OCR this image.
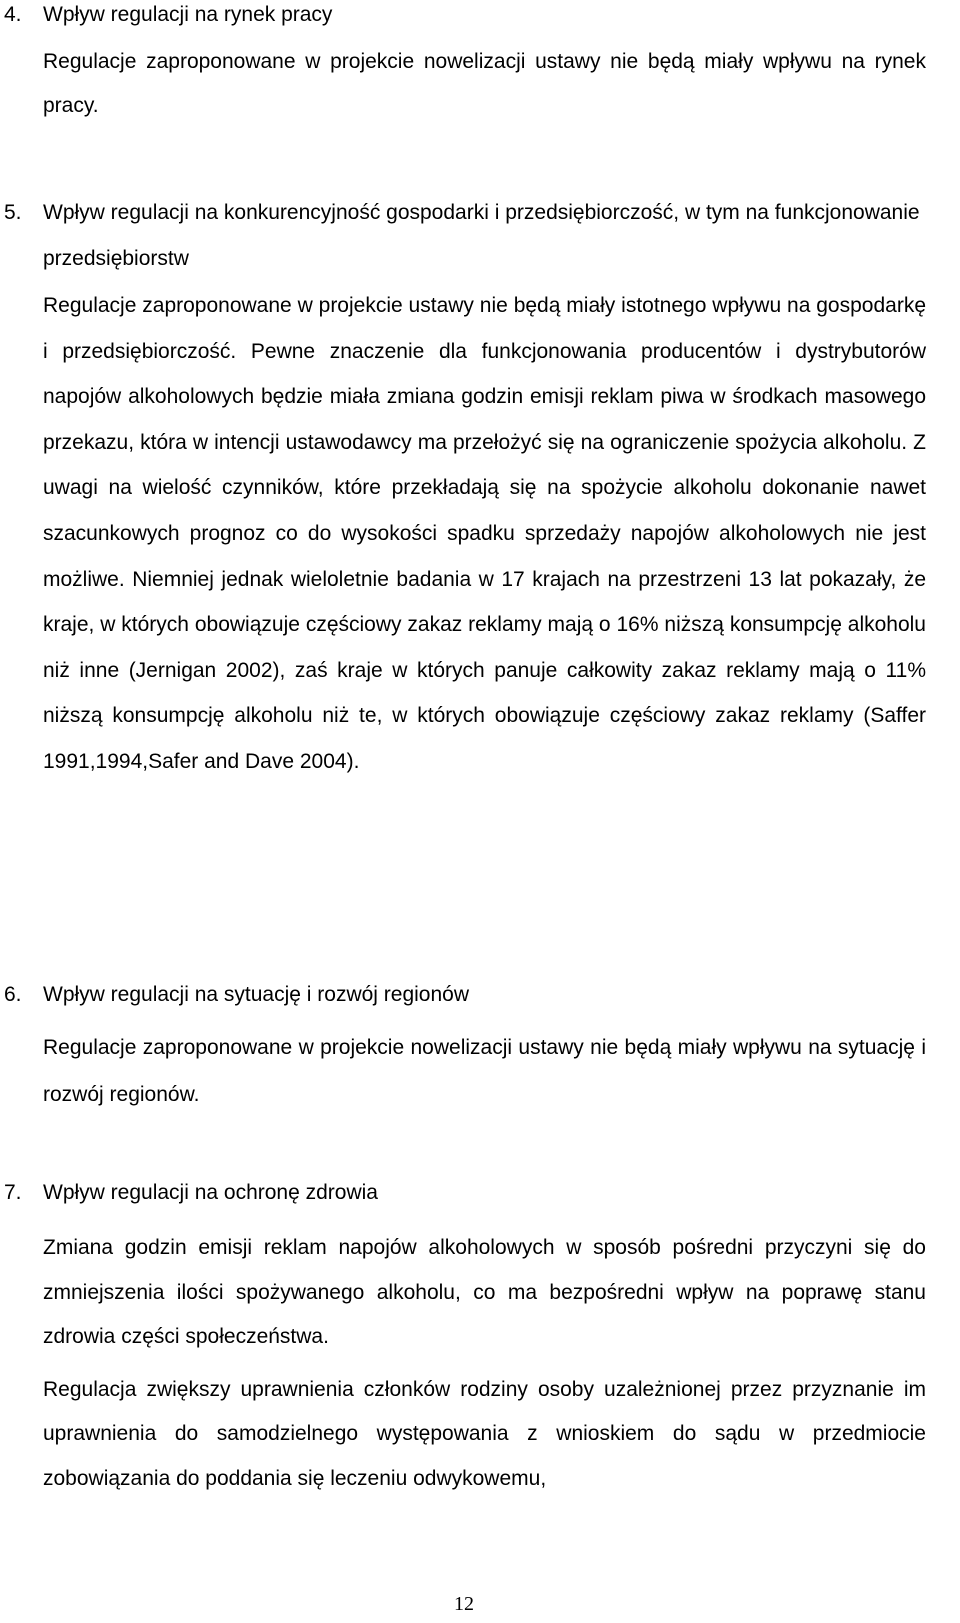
4. Wpływ regulacji na rynek pracy

Regulacje zaproponowane w projekcie nowelizacji ustawy nie będą miały wpływu na rynek pracy.

5. Wpływ regulacji na konkurencyjność gospodarki i przedsiębiorczość, w tym na funkcjonowanie przedsiębiorstw

Regulacje zaproponowane w projekcie ustawy nie będą miały istotnego wpływu na gospodarkę i przedsiębiorczość. Pewne znaczenie dla funkcjonowania producentów i dystrybutorów napojów alkoholowych będzie miała zmiana godzin emisji reklam piwa w środkach masowego przekazu, która w intencji ustawodawcy ma przełożyć się na ograniczenie spożycia alkoholu. Z uwagi na wielość czynników, które przekładają się na spożycie alkoholu dokonanie nawet szacunkowych prognoz co do wysokości spadku sprzedaży napojów alkoholowych nie jest możliwe. Niemniej jednak wieloletnie badania w 17 krajach na przestrzeni 13 lat pokazały, że kraje, w których obowiązuje częściowy zakaz reklamy mają o 16% niższą konsumpcję alkoholu niż inne (Jernigan 2002), zaś kraje w których panuje całkowity zakaz reklamy mają o 11% niższą konsumpcję alkoholu niż te, w których obowiązuje częściowy zakaz reklamy (Saffer 1991,1994,Safer and Dave 2004).

6. Wpływ regulacji na sytuację i rozwój regionów

Regulacje zaproponowane w projekcie nowelizacji ustawy nie będą miały wpływu na sytuację i rozwój regionów.

7. Wpływ regulacji na ochronę zdrowia

Zmiana godzin emisji reklam napojów alkoholowych w sposób pośredni przyczyni się do zmniejszenia ilości spożywanego alkoholu, co ma bezpośredni wpływ na poprawę stanu zdrowia części społeczeństwa.

Regulacja zwiększy uprawnienia członków rodziny osoby uzależnionej przez przyznanie im uprawnienia do samodzielnego występowania z wnioskiem do sądu w przedmiocie zobowiązania do poddania się leczeniu odwykowemu,

12
